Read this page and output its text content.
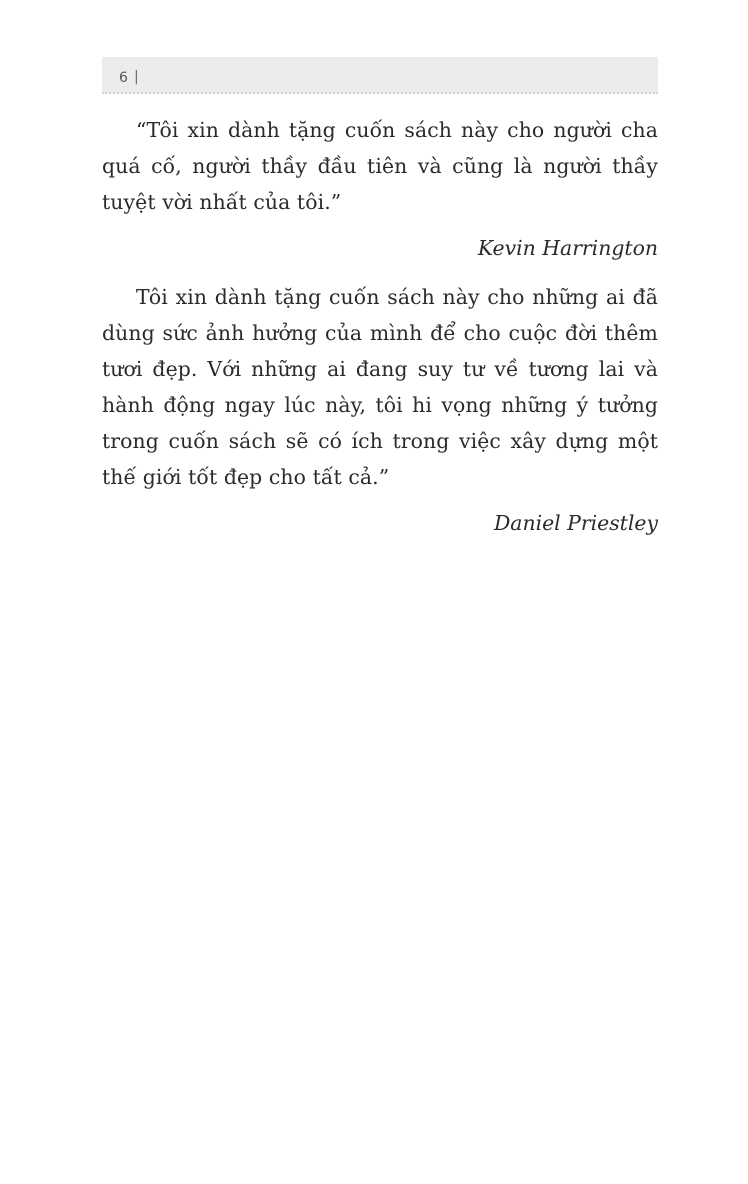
6 |

“Tôi xin dành tặng cuốn sách này cho người cha
quá cố, người thầy đầu tiên và cũng là người thầy
tuyệt vời nhất của tôi.”

Kevin Harrington

Tôi xin dành tặng cuốn sách này cho những ai đã
dùng sức ảnh hưởng của mình để cho cuộc đời thêm
tươi đẹp. Với những ai đang suy tư về tương lai và
hành động ngay lúc này, tôi hi vọng những ý tưởng
trong cuốn sách sẽ có ích trong việc xây dựng một
thế giới tốt đẹp cho tất cả.”

Daniel Priestley
